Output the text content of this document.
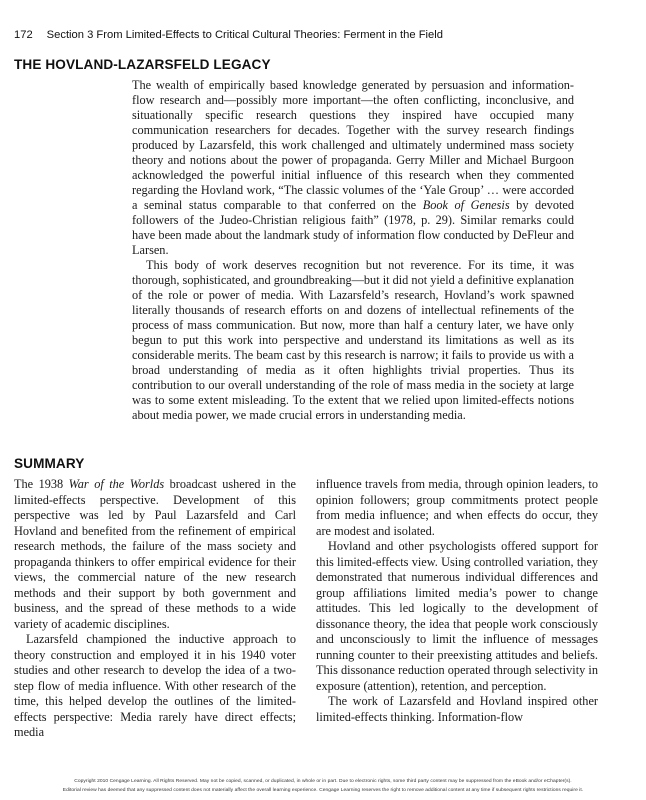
172 Section 3 From Limited-Effects to Critical Cultural Theories: Ferment in the Field
THE HOVLAND-LAZARSFELD LEGACY

The wealth of empirically based knowledge generated by persuasion and information-flow research and—possibly more important—the often conflicting, inconclusive, and situationally specific research questions they inspired have occupied many communication researchers for decades. Together with the survey research findings produced by Lazarsfeld, this work challenged and ultimately undermined mass society theory and notions about the power of propaganda. Gerry Miller and Michael Burgoon acknowledged the powerful initial influence of this research when they commented regarding the Hovland work, “The classic volumes of the ‘Yale Group’ … were accorded a seminal status comparable to that conferred on the Book of Genesis by devoted followers of the Judeo-Christian religious faith” (1978, p. 29). Similar remarks could have been made about the landmark study of information flow conducted by DeFleur and Larsen.

This body of work deserves recognition but not reverence. For its time, it was thorough, sophisticated, and groundbreaking—but it did not yield a definitive explanation of the role or power of media. With Lazarsfeld’s research, Hovland’s work spawned literally thousands of research efforts on and dozens of intellectual refinements of the process of mass communication. But now, more than half a century later, we have only begun to put this work into perspective and understand its limitations as well as its considerable merits. The beam cast by this research is narrow; it fails to provide us with a broad understanding of media as it often highlights trivial properties. Thus its contribution to our overall understanding of the role of mass media in the society at large was to some extent misleading. To the extent that we relied upon limited-effects notions about media power, we made crucial errors in understanding media.

SUMMARY

The 1938 War of the Worlds broadcast ushered in the limited-effects perspective. Development of this perspective was led by Paul Lazarsfeld and Carl Hovland and benefited from the refinement of empirical research methods, the failure of the mass society and propaganda thinkers to offer empirical evidence for their views, the commercial nature of the new research methods and their support by both government and business, and the spread of these methods to a wide variety of academic disciplines.

Lazarsfeld championed the inductive approach to theory construction and employed it in his 1940 voter studies and other research to develop the idea of a two-step flow of media influence. With other research of the time, this helped develop the outlines of the limited-effects perspective: Media rarely have direct effects; media

influence travels from media, through opinion leaders, to opinion followers; group commitments protect people from media influence; and when effects do occur, they are modest and isolated.

Hovland and other psychologists offered support for this limited-effects view. Using controlled variation, they demonstrated that numerous individual differences and group affiliations limited media’s power to change attitudes. This led logically to the development of dissonance theory, the idea that people work consciously and unconsciously to limit the influence of messages running counter to their preexisting attitudes and beliefs. This dissonance reduction operated through selectivity in exposure (attention), retention, and perception.

The work of Lazarsfeld and Hovland inspired other limited-effects thinking. Information-flow

Copyright 2010 Cengage Learning. All Rights Reserved. May not be copied, scanned, or duplicated, in whole or in part. Due to electronic rights, some third party content may be suppressed from the eBook and/or eChapter(s).
Editorial review has deemed that any suppressed content does not materially affect the overall learning experience. Cengage Learning reserves the right to remove additional content at any time if subsequent rights restrictions require it.
